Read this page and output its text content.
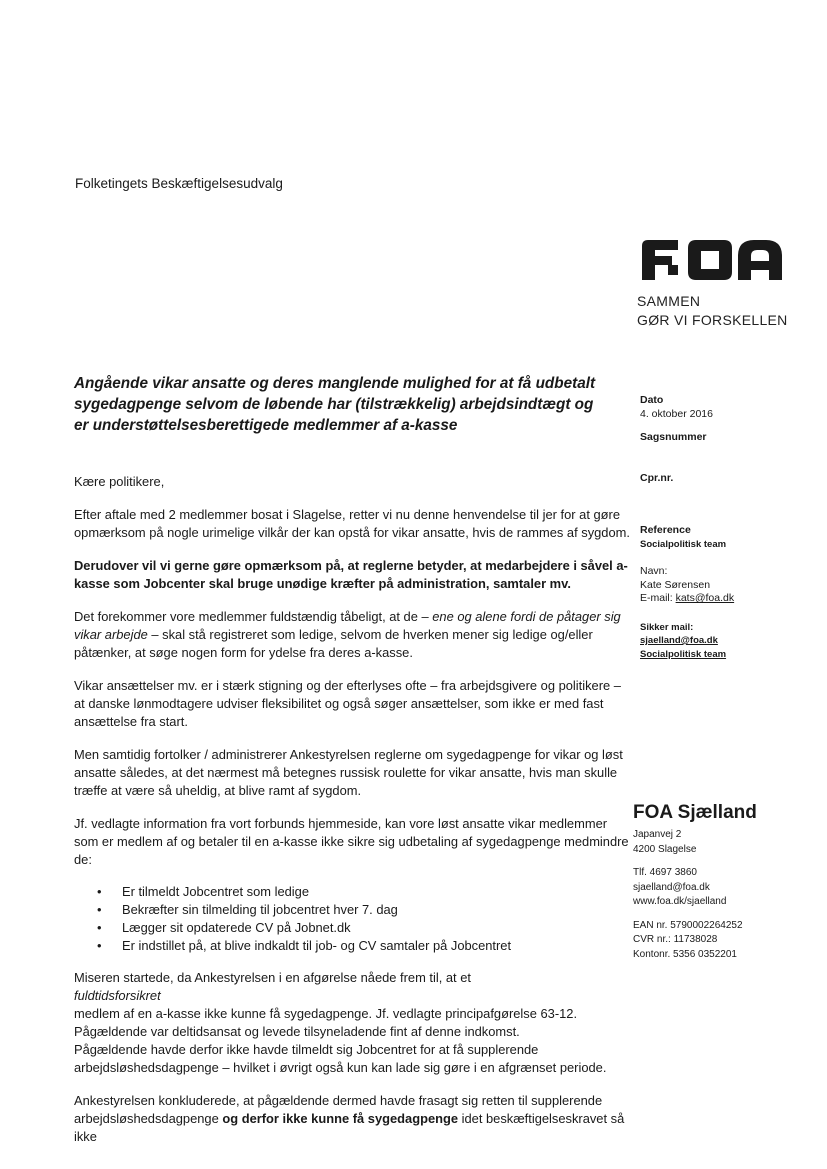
Folketingets Beskæftigelsesudvalg
SAMMEN
GØR VI FORSKELLEN
Angående vikar ansatte og deres manglende mulighed for at få udbetalt sygedagpenge selvom de løbende har (tilstrækkelig) arbejdsindtægt og er understøttelsesberettigede medlemmer af a-kasse
Dato
4. oktober 2016
Sagsnummer
Cpr.nr.
Reference
Socialpolitisk team
Navn:
Kate Sørensen
E-mail: kats@foa.dk
Sikker mail:
sjaelland@foa.dk
Socialpolitisk team

Kære politikere,

Efter aftale med 2 medlemmer bosat i Slagelse, retter vi nu denne henvendelse til jer for at gøre opmærksom på nogle urimelige vilkår der kan opstå for vikar ansatte, hvis de rammes af sygdom.

Derudover vil vi gerne gøre opmærksom på, at reglerne betyder, at medarbejdere i såvel a-kasse som Jobcenter skal bruge unødige kræfter på administration, samtaler mv.

Det forekommer vore medlemmer fuldstændig tåbeligt, at de – ene og alene fordi de påtager sig vikar arbejde – skal stå registreret som ledige, selvom de hverken mener sig ledige og/eller påtænker, at søge nogen form for ydelse fra deres a-kasse.

Vikar ansættelser mv. er i stærk stigning og der efterlyses ofte – fra arbejdsgivere og politikere – at danske lønmodtagere udviser fleksibilitet og også søger ansættelser, som ikke er med fast ansættelse fra start.

Men samtidig fortolker / administrerer Ankestyrelsen reglerne om sygedagpenge for vikar og løst ansatte således, at det nærmest må betegnes russisk roulette for vikar ansatte, hvis man skulle træffe at være så uheldig, at blive ramt af sygdom.

Jf. vedlagte information fra vort forbunds hjemmeside, kan vore løst ansatte vikar medlemmer som er medlem af og betaler til en a-kasse ikke sikre sig udbetaling af sygedagpenge medmindre de:

• Er tilmeldt Jobcentret som ledige
• Bekræfter sin tilmelding til jobcentret hver 7. dag
• Lægger sit opdaterede CV på Jobnet.dk
• Er indstillet på, at blive indkaldt til job- og CV samtaler på Jobcentret

Miseren startede, da Ankestyrelsen i en afgørelse nåede frem til, at et
fuldtidsforsikret
medlem af en a-kasse ikke kunne få sygedagpenge. Jf. vedlagte principafgørelse 63-12.
Pågældende var deltidsansat og levede tilsyneladende fint af denne indkomst.
Pågældende havde derfor ikke havde tilmeldt sig Jobcentret for at få supplerende arbejdsløshedsdagpenge – hvilket i øvrigt også kun kan lade sig gøre i en afgrænset periode.

Ankestyrelsen konkluderede, at pågældende dermed havde frasagt sig retten til supplerende arbejdsløshedsdagpenge og derfor ikke kunne få sygedagpenge idet beskæftigelseskravet så ikke

FOA Sjælland
Japanvej 2
4200 Slagelse
Tlf. 4697 3860
sjaelland@foa.dk
www.foa.dk/sjaelland
EAN nr. 5790002264252
CVR nr.: 11738028
Kontonr. 5356 0352201
